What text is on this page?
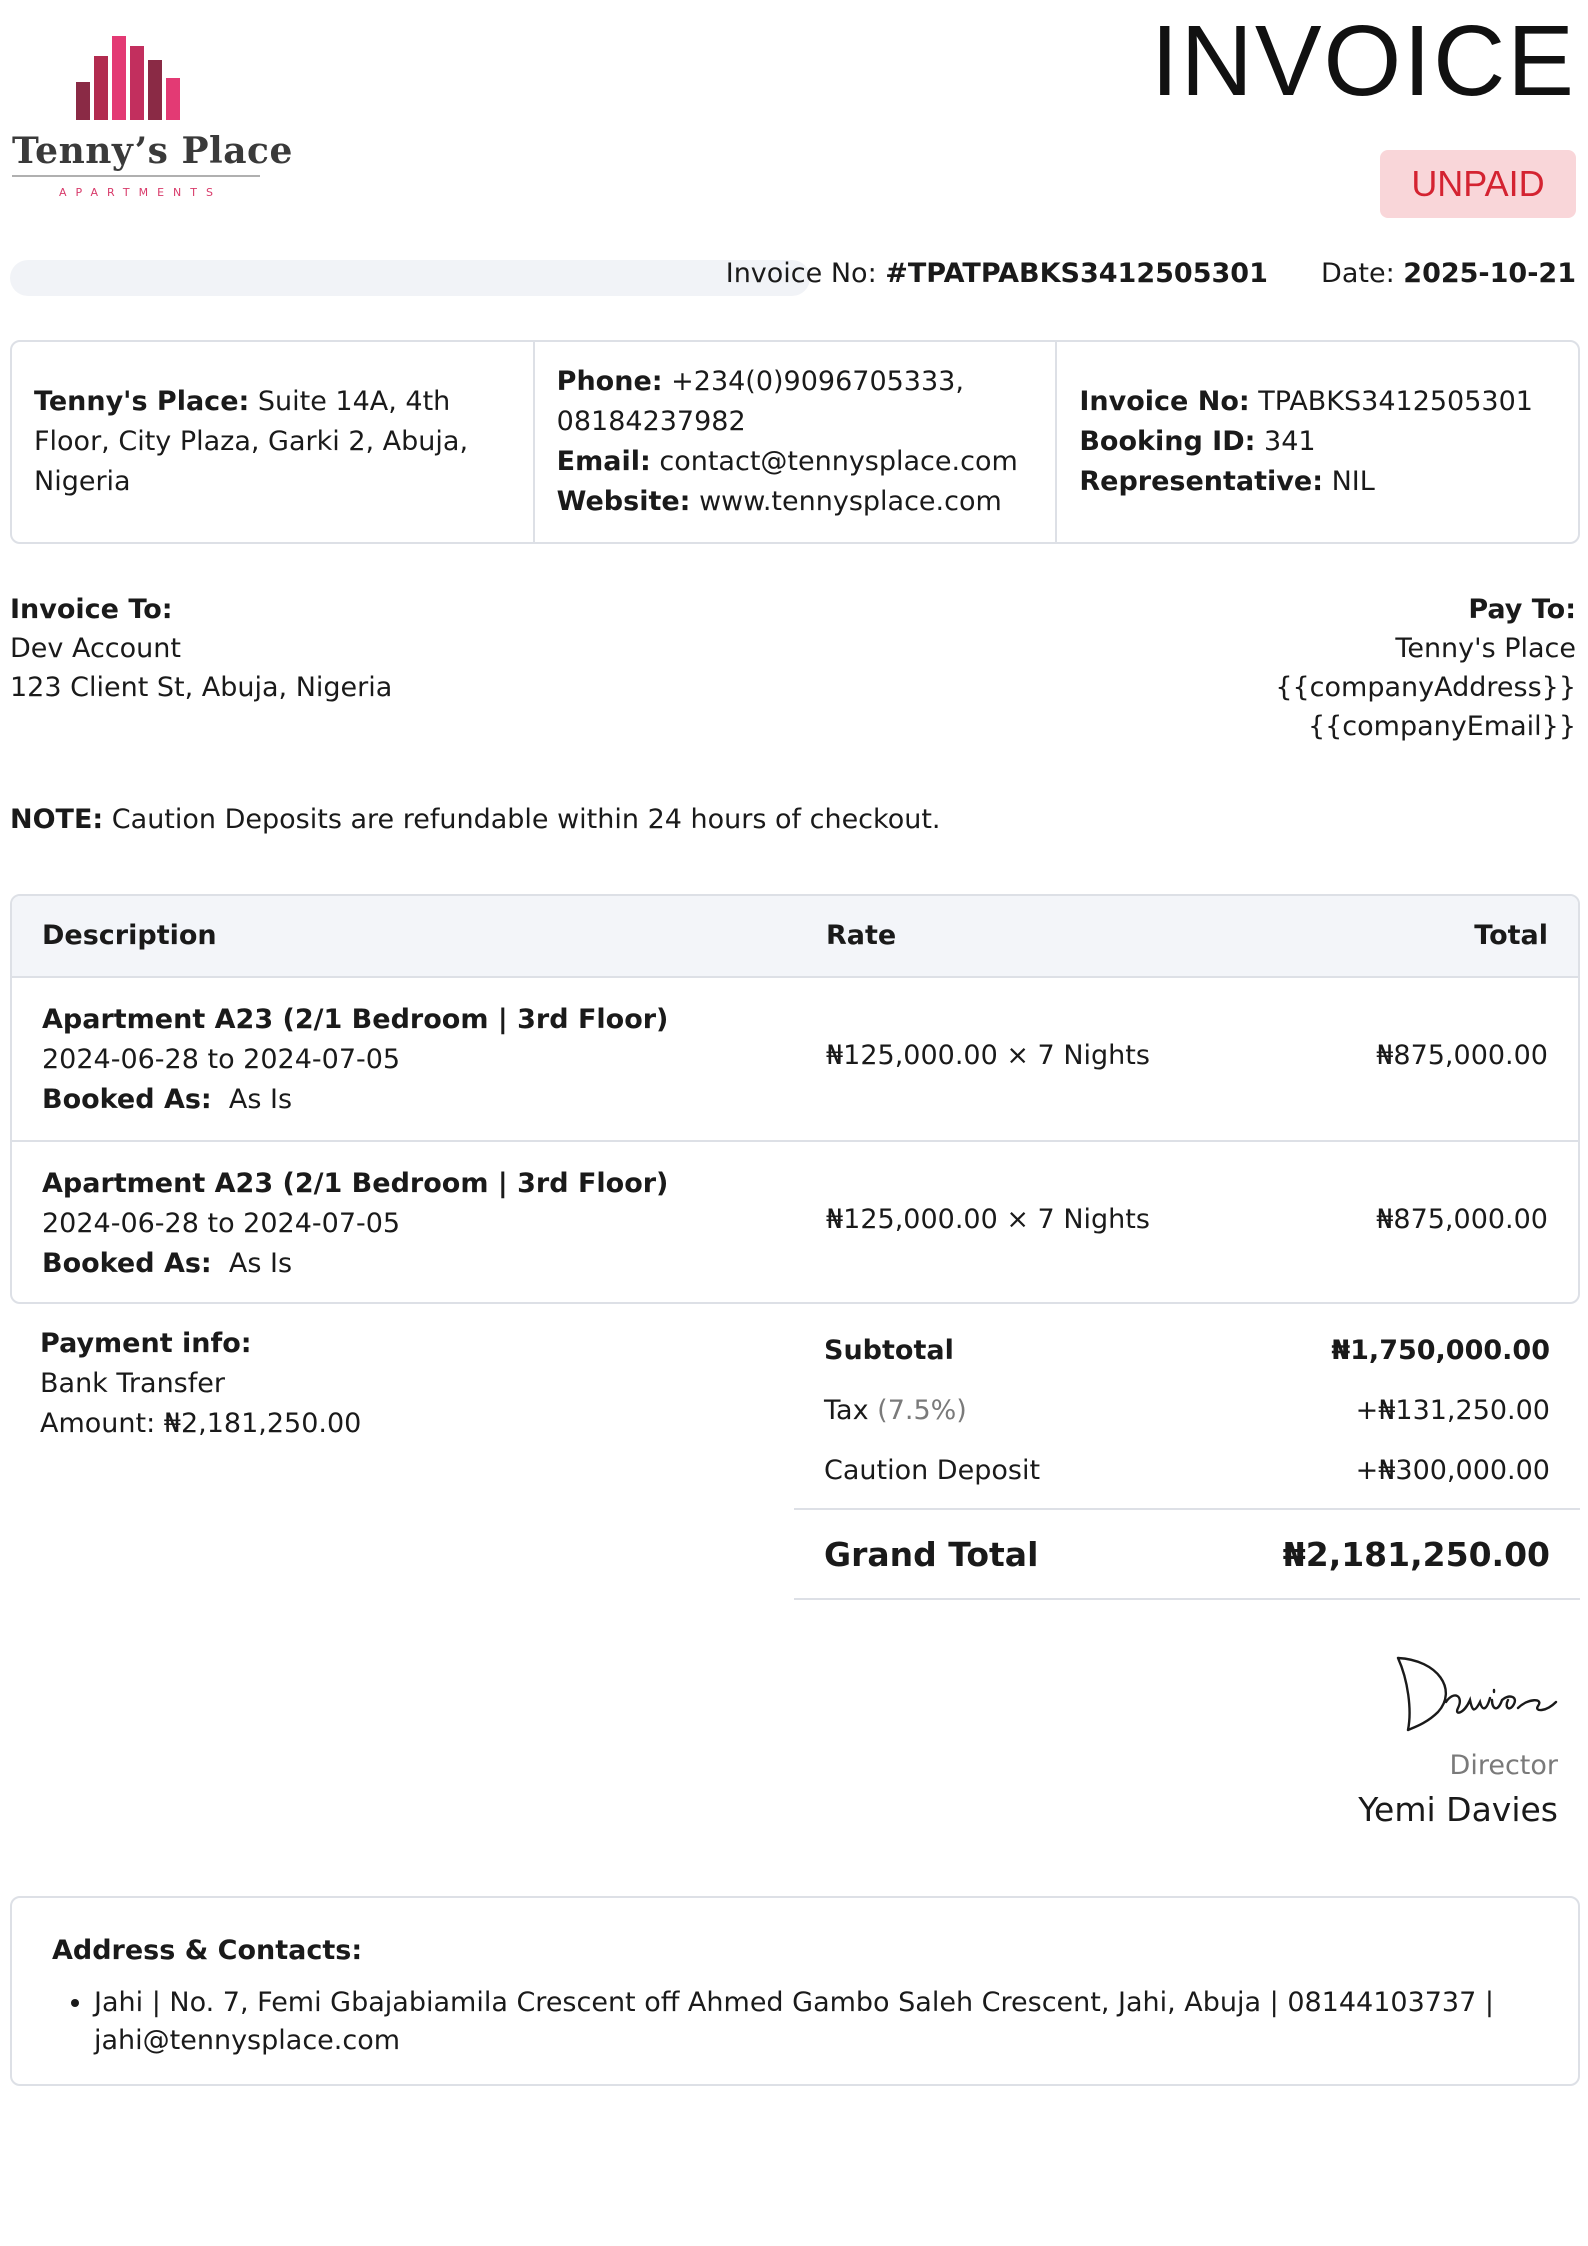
Tenny’s Place
APARTMENTS
INVOICE
UNPAID
Invoice No: #TPATPABKS3412505301 Date: 2025-10-21
Tenny's Place: Suite 14A, 4th Floor, City Plaza, Garki 2, Abuja, Nigeria
Phone: +234(0)9096705333, 08184237982
Email: contact@tennysplace.com
Website: www.tennysplace.com
Invoice No: TPABKS3412505301
Booking ID: 341
Representative: NIL
Invoice To:
Dev Account
123 Client St, Abuja, Nigeria
Pay To:
Tenny's Place
{{companyAddress}}
{{companyEmail}}
NOTE: Caution Deposits are refundable within 24 hours of checkout.
Description	Rate	Total
Apartment A23 (2/1 Bedroom | 3rd Floor)
2024-06-28 to 2024-07-05
Booked As: As Is
₦125,000.00 × 7 Nights	₦875,000.00
Apartment A23 (2/1 Bedroom | 3rd Floor)
2024-06-28 to 2024-07-05
Booked As: As Is
₦125,000.00 × 7 Nights	₦875,000.00
Payment info:
Bank Transfer
Amount: ₦2,181,250.00
Subtotal	₦1,750,000.00
Tax (7.5%)	+₦131,250.00
Caution Deposit	+₦300,000.00
Grand Total	₦2,181,250.00
Director
Yemi Davies
Address & Contacts:
• Jahi | No. 7, Femi Gbajabiamila Crescent off Ahmed Gambo Saleh Crescent, Jahi, Abuja | 08144103737 | jahi@tennysplace.com
